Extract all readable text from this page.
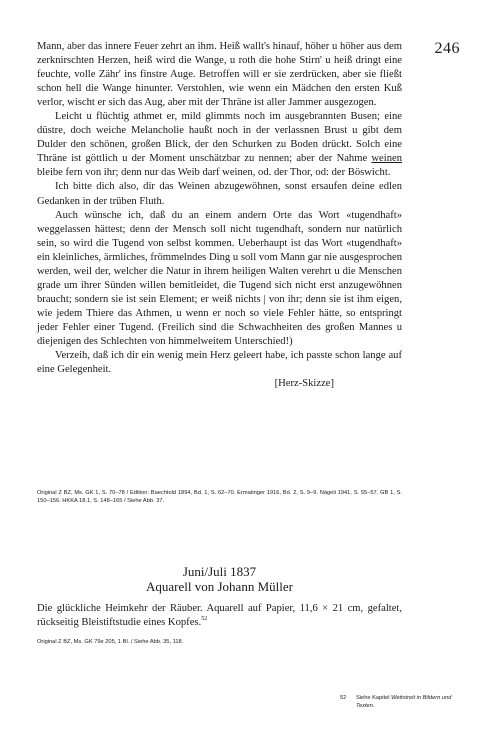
246

Mann, aber das innere Feuer zehrt an ihm. Heiß wallt's hinauf, höher u höher aus dem zerknirschten Herzen, heiß wird die Wange, u roth die hohe Stirn' u heiß dringt eine feuchte, volle Zähr' ins finstre Auge. Betroffen will er sie zerdrücken, aber sie fließt schon hell die Wange hinunter. Verstohlen, wie wenn ein Mädchen den ersten Kuß verlor, wischt er sich das Aug, aber mit der Thräne ist aller Jammer ausgezogen.

Leicht u flüchtig athmet er, mild glimmts noch im ausgebrannten Busen; eine düstre, doch weiche Melancholie haußt noch in der verlassnen Brust u gibt dem Dulder den schönen, großen Blick, der den Schurken zu Boden drückt. Solch eine Thräne ist göttlich u der Moment unschätzbar zu nennen; aber der Nahme weinen bleibe fern von ihr; denn nur das Weib darf weinen, od. der Thor, od: der Böswicht.

Ich bitte dich also, dir das Weinen abzugewöhnen, sonst ersaufen deine edlen Gedanken in der trüben Fluth.

Auch wünsche ich, daß du an einem andern Orte das Wort «tugendhaft» weggelassen hättest; denn der Mensch soll nicht tugendhaft, sondern nur natürlich sein, so wird die Tugend von selbst kommen. Ueberhaupt ist das Wort «tugendhaft» ein kleinliches, ärmliches, frömmelndes Ding u soll vom Mann gar nie ausgesprochen werden, weil der, welcher die Natur in ihrem heiligen Walten verehrt u die Menschen grade um ihrer Sünden willen bemitleidet, die Tugend sich nicht erst anzugewöhnen braucht; sondern sie ist sein Element; er weiß nichts | von ihr; denn sie ist ihm eigen, wie jedem Thiere das Athmen, u wenn er noch so viele Fehler hätte, so entspringt jeder Fehler einer Tugend. (Freilich sind die Schwachheiten des großen Mannes u diejenigen des Schlechten von himmelweitem Unterschied!)

Verzeih, daß ich dir ein wenig mein Herz geleert habe, ich passte schon lange auf eine Gelegenheit.

[Herz-Skizze]

Original Z BZ, Ms. GK 1, S. 70–78 / Edition: Baechtold 1894, Bd. 1, S. 62–70. Ermatinger 1916, Bd. 2, S. 9–9. Nägeli 1941, S. 55–57. GB 1, S. 150–156. HKKA 18.1, S. 148–165 / Siehe Abb. 37.
Juni/Juli 1837
Aquarell von Johann Müller
Die glückliche Heimkehr der Räuber. Aquarell auf Papier, 11,6 × 21 cm, gefaltet, rückseitig Bleistiftstudie eines Kopfes.$^{52}$
Original Z BZ, Ms. GK 79e 205, 1 Bl. / Siehe Abb. 35, 118.
52 Siehe Kapitel Wettstreit in Bildern und Texten.
